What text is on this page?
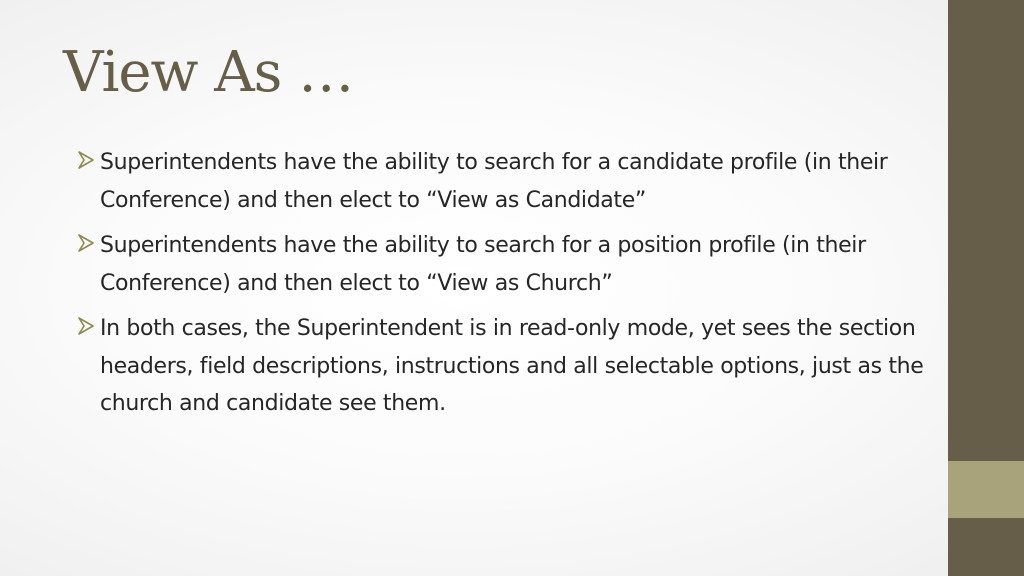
View As …
Superintendents have the ability to search for a candidate profile (in their Conference) and then elect to “View as Candidate”
Superintendents have the ability to search for a position profile (in their Conference) and then elect to “View as Church”
In both cases, the Superintendent is in read-only mode, yet sees the section headers, field descriptions, instructions and all selectable options, just as the church and candidate see them.
